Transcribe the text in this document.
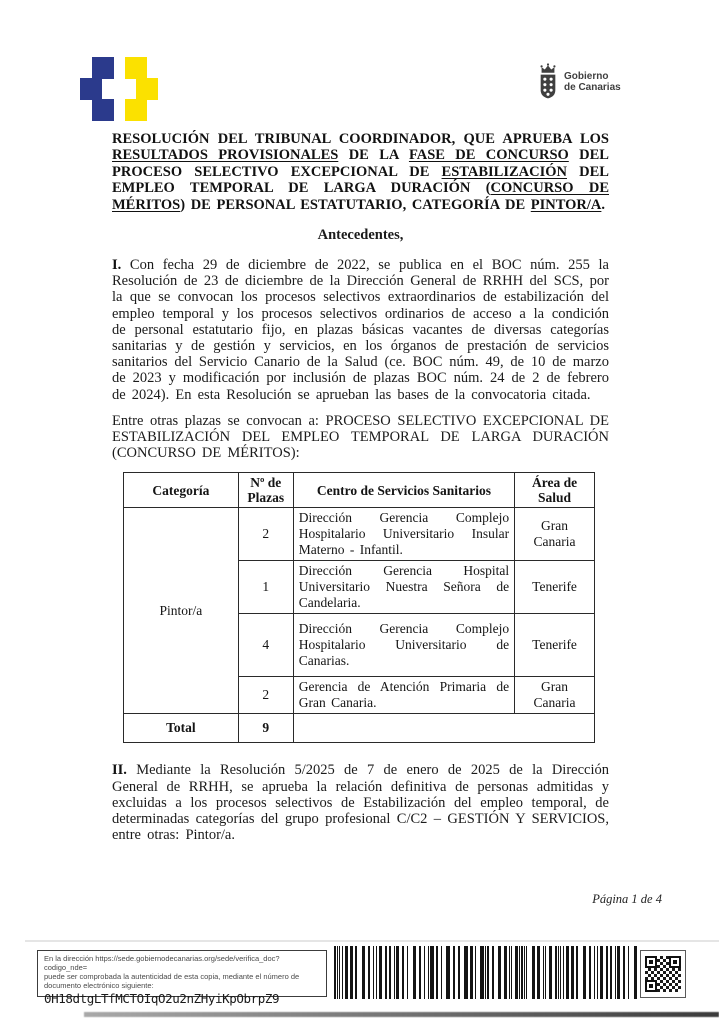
Gobierno
de Canarias

RESOLUCIÓN DEL TRIBUNAL COORDINADOR, QUE APRUEBA LOS RESULTADOS PROVISIONALES DE LA FASE DE CONCURSO DEL PROCESO SELECTIVO EXCEPCIONAL DE ESTABILIZACIÓN DEL EMPLEO TEMPORAL DE LARGA DURACIÓN (CONCURSO DE MÉRITOS) DE PERSONAL ESTATUTARIO, CATEGORÍA DE PINTOR/A.

Antecedentes,

I. Con fecha 29 de diciembre de 2022, se publica en el BOC núm. 255 la Resolución de 23 de diciembre de la Dirección General de RRHH del SCS, por la que se convocan los procesos selectivos extraordinarios de estabilización del empleo temporal y los procesos selectivos ordinarios de acceso a la condición de personal estatutario fijo, en plazas básicas vacantes de diversas categorías sanitarias y de gestión y servicios, en los órganos de prestación de servicios sanitarios del Servicio Canario de la Salud (ce. BOC núm. 49, de 10 de marzo de 2023 y modificación por inclusión de plazas BOC núm. 24 de 2 de febrero de 2024). En esta Resolución se aprueban las bases de la convocatoria citada.

Entre otras plazas se convocan a: PROCESO SELECTIVO EXCEPCIONAL DE ESTABILIZACIÓN DEL EMPLEO TEMPORAL DE LARGA DURACIÓN (CONCURSO DE MÉRITOS):

Categoría	Nº de Plazas	Centro de Servicios Sanitarios	Área de Salud
Pintor/a	2	Dirección Gerencia Complejo Hospitalario Universitario Insular Materno - Infantil.	Gran Canaria
	1	Dirección Gerencia Hospital Universitario Nuestra Señora de Candelaria.	Tenerife
	4	Dirección Gerencia Complejo Hospitalario Universitario de Canarias.	Tenerife
	2	Gerencia de Atención Primaria de Gran Canaria.	Gran Canaria
Total	9		

II. Mediante la Resolución 5/2025 de 7 de enero de 2025 de la Dirección General de RRHH, se aprueba la relación definitiva de personas admitidas y excluidas a los procesos selectivos de Estabilización del empleo temporal, de determinadas categorías del grupo profesional C/C2 – GESTIÓN Y SERVICIOS, entre otras: Pintor/a.

Página 1 de 4
En la dirección https://sede.gobiernodecanarias.org/sede/verifica_doc?codigo_nde=
puede ser comprobada la autenticidad de esta copia, mediante el número de
documento electrónico siguiente:
0H18dtgLTfMCTOIqO2u2nZHyiKpObrpZ9
